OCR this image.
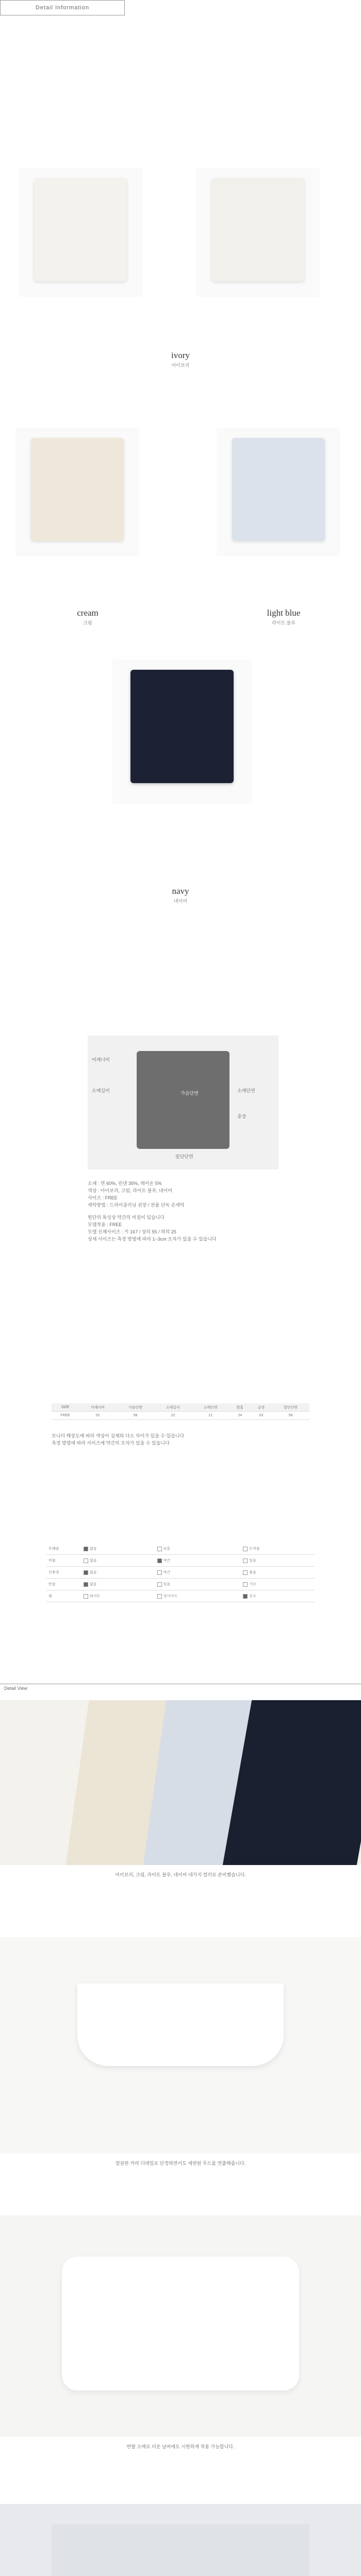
Detail Information
ivory
아이보리
cream
크림
light blue
라이트 블루
navy
네이비
어깨너비
가슴단면
소매길이	소매단면
총장
밑단단면
소재 : 면 60%, 린넨 35%, 레이온 5%
색상 : 아이보리, 크림, 라이트 블루, 네이비
사이즈 : FREE
세탁방법 : 드라이클리닝 권장 / 찬물 단독 손세탁
원단의 특성상 약간의 비침이 있습니다
모델착용 : FREE
모델 신체사이즈 : 키 167 / 상의 55 / 하의 25
상세 사이즈는 측정 방법에 따라 1~3cm 오차가 있을 수 있습니다
SIZE	어깨너비	가슴단면	소매길이	소매단면	암홀	총장	밑단단면
FREE	52	58	22	21	24	53	58
모니터 해상도에 따라 색상이 실제와 다소 차이가 있을 수 있습니다
측정 방법에 따라 사이즈에 약간의 오차가 있을 수 있습니다
두께감	얇음	보통	두꺼움
비침	없음	약간	있음
신축성	없음	약간	좋음
안감	없음	있음	기모
핏	타이트	정사이즈	루즈
Detail View
아이보리, 크림, 라이트 블루, 네이비 네가지 컬러로 준비했습니다.
깔끔한 카라 디테일로 단정하면서도 세련된 무드를 연출해줍니다.
반팔 소매로 더운 날씨에도 시원하게 착용 가능합니다.
